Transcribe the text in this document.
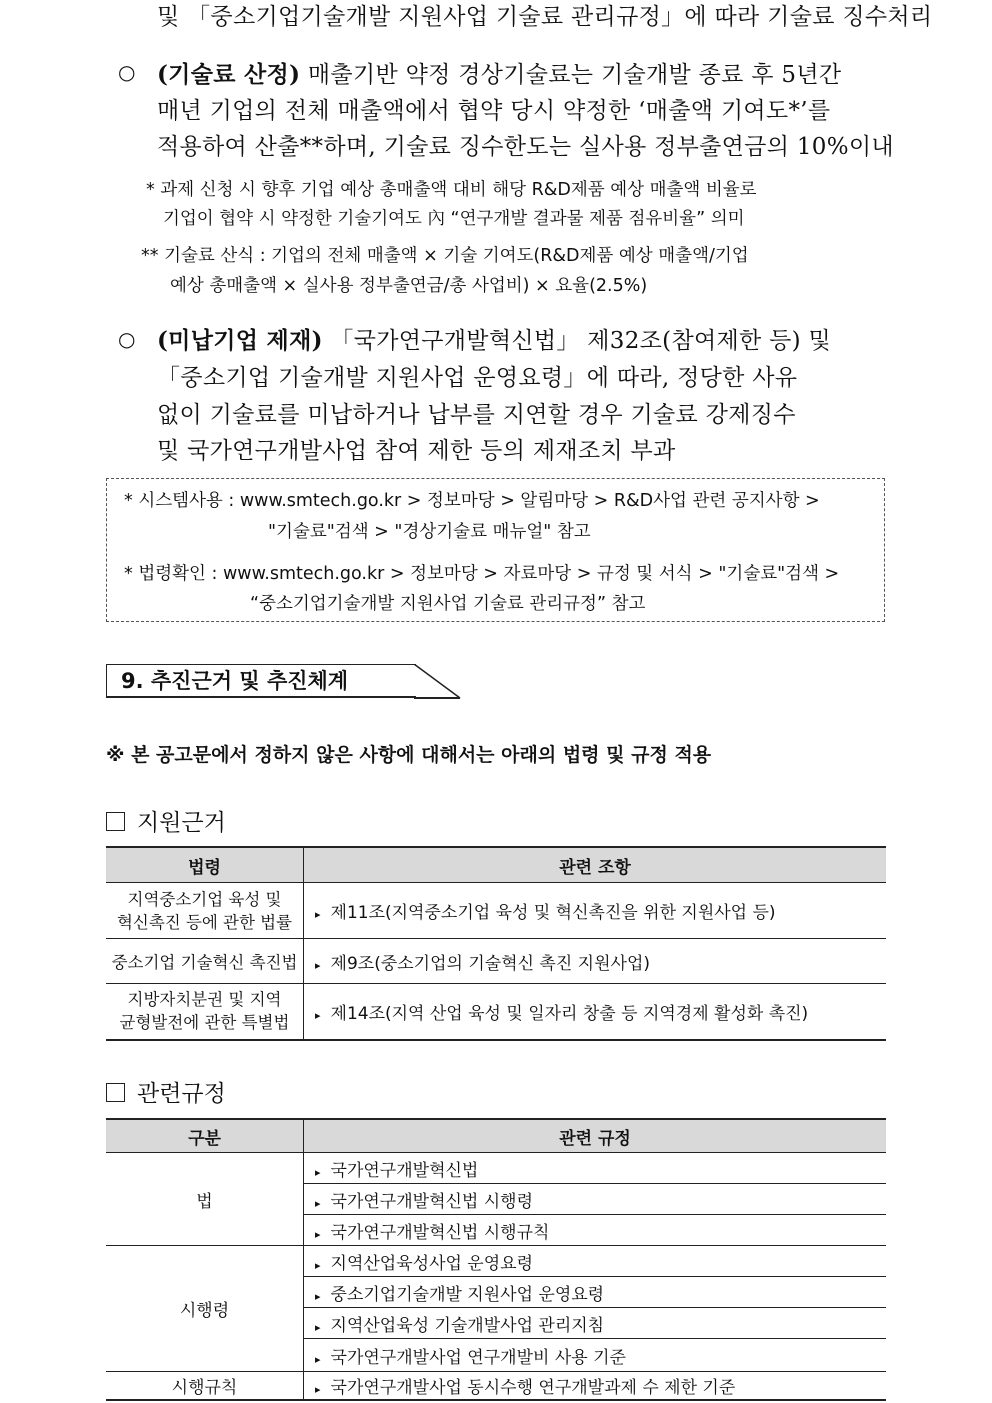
및 「중소기업기술개발 지원사업 기술료 관리규정」에 따라 기술료 징수처리
○ (기술료 산정) 매출기반 약정 경상기술료는 기술개발 종료 후 5년간
매년 기업의 전체 매출액에서 협약 당시 약정한 ‘매출액 기여도*’를
적용하여 산출**하며, 기술료 징수한도는 실사용 정부출연금의 10%이내
* 과제 신청 시 향후 기업 예상 총매출액 대비 해당 R&D제품 예상 매출액 비율로
기업이 협약 시 약정한 기술기여도 內 “연구개발 결과물 제품 점유비율” 의미
** 기술료 산식 : 기업의 전체 매출액 × 기술 기여도(R&D제품 예상 매출액/기업
예상 총매출액 × 실사용 정부출연금/총 사업비) × 요율(2.5%)
○ (미납기업 제재) 「국가연구개발혁신법」 제32조(참여제한 등) 및
「중소기업 기술개발 지원사업 운영요령」에 따라, 정당한 사유
없이 기술료를 미납하거나 납부를 지연할 경우 기술료 강제징수
및 국가연구개발사업 참여 제한 등의 제재조치 부과
* 시스템사용 : www.smtech.go.kr > 정보마당 > 알림마당 > R&D사업 관련 공지사항 >
"기술료"검색 > "경상기술료 매뉴얼" 참고
* 법령확인 : www.smtech.go.kr > 정보마당 > 자료마당 > 규정 및 서식 > "기술료"검색 >
“중소기업기술개발 지원사업 기술료 관리규정” 참고
9. 추진근거 및 추진체계
※ 본 공고문에서 정하지 않은 사항에 대해서는 아래의 법령 및 규정 적용
지원근거
법령	관련 조항

지역중소기업 육성 및
혁신촉진 등에 관한 법률	▸ 제11조(지역중소기업 육성 및 혁신촉진을 위한 지원사업 등)

중소기업 기술혁신 촉진법	▸ 제9조(중소기업의 기술혁신 촉진 지원사업)

지방자치분권 및 지역
균형발전에 관한 특별법	▸ 제14조(지역 산업 육성 및 일자리 창출 등 지역경제 활성화 촉진)
관련규정
구분	관련 규정
법	▸ 국가연구개발혁신법
	▸ 국가연구개발혁신법 시행령
	▸ 국가연구개발혁신법 시행규칙
시행령	▸ 지역산업육성사업 운영요령
	▸ 중소기업기술개발 지원사업 운영요령
	▸ 지역산업육성 기술개발사업 관리지침
	▸ 국가연구개발사업 연구개발비 사용 기준
시행규칙	▸ 국가연구개발사업 동시수행 연구개발과제 수 제한 기준
